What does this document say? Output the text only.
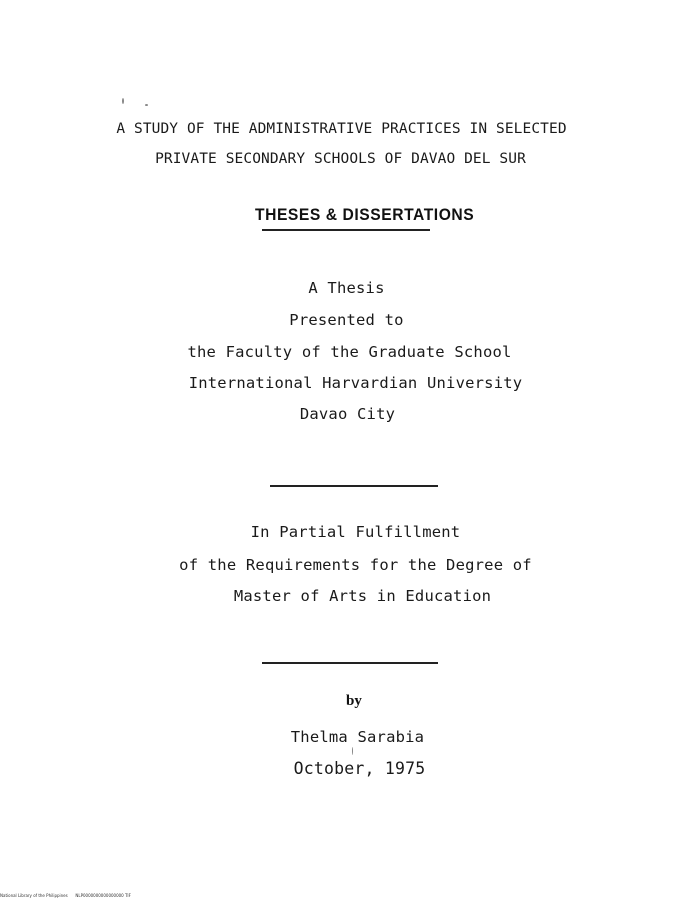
A STUDY OF THE ADMINISTRATIVE PRACTICES IN SELECTED
PRIVATE SECONDARY SCHOOLS OF DAVAO DEL SUR
THESES & DISSERTATIONS
A Thesis
Presented to
the Faculty of the Graduate School
International Harvardian University
Davao City
In Partial Fulfillment
of the Requirements for the Degree of
Master of Arts in Education
by
Thelma Sarabia
October, 1975
National Library of the Philippines NLP0000000000000000 TIF
